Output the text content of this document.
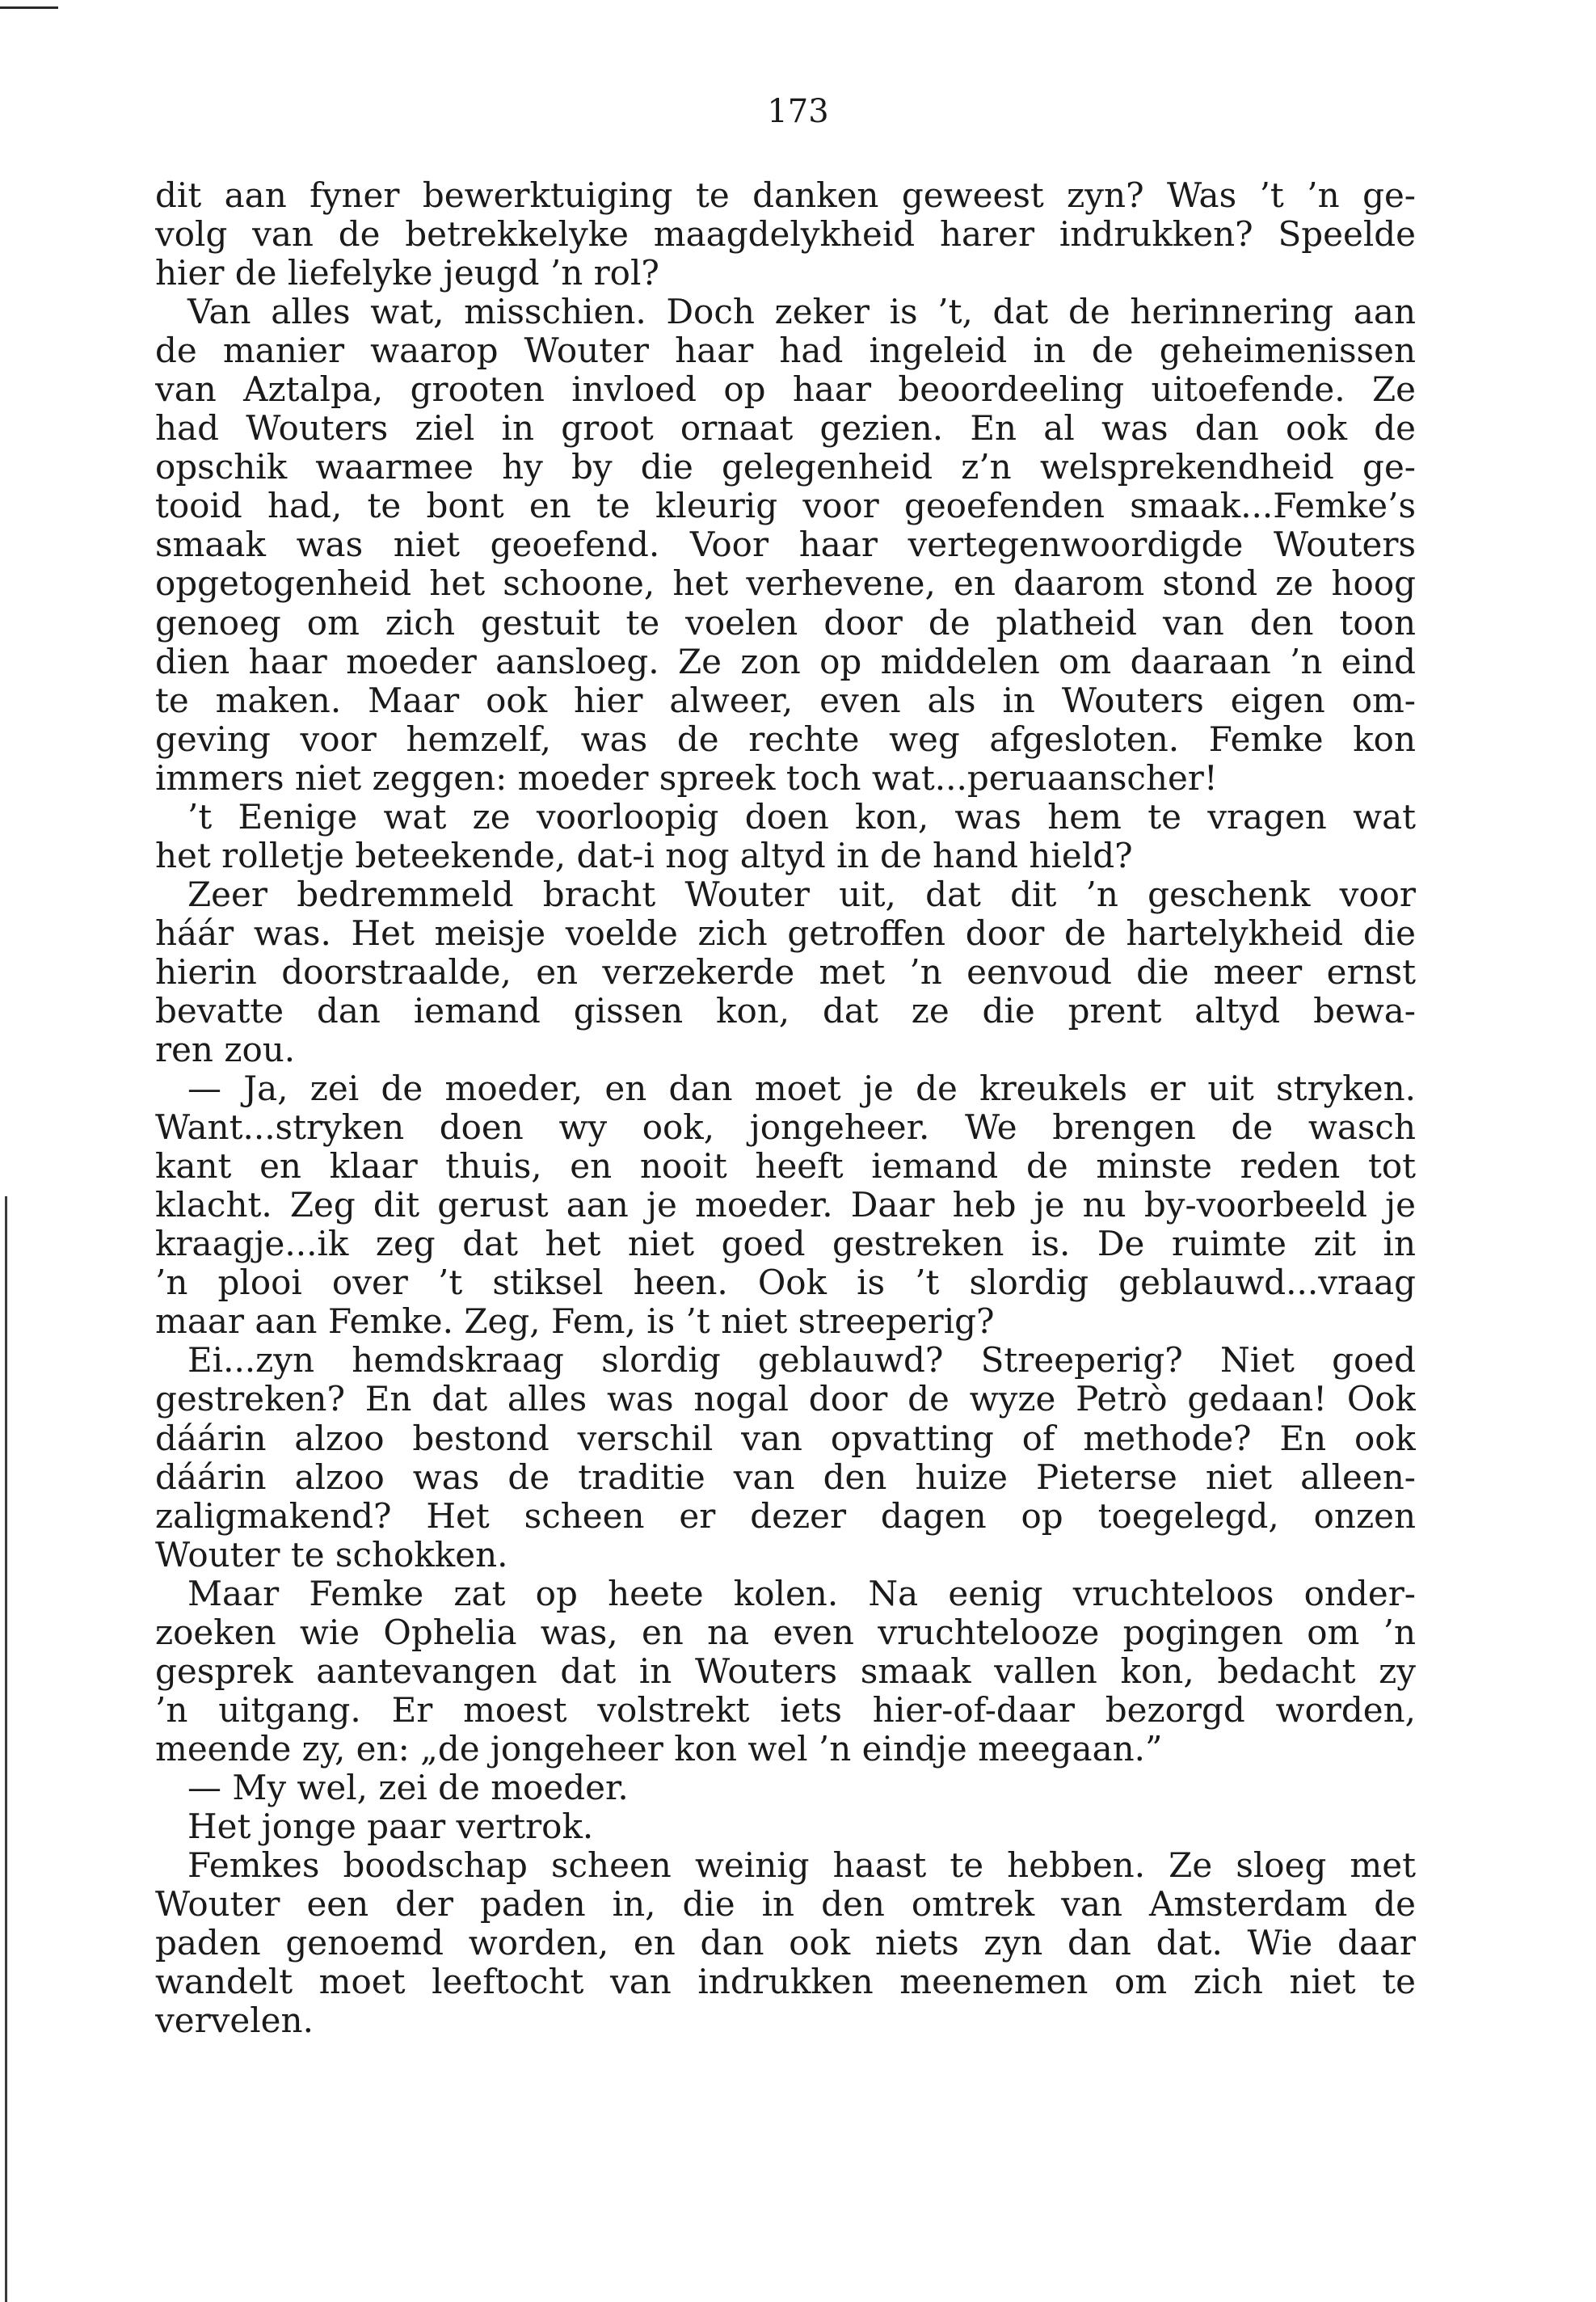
173
dit aan fyner bewerktuiging te danken geweest zyn? Was ’t ’n ge-
volg van de betrekkelyke maagdelykheid harer indrukken? Speelde
hier de liefelyke jeugd ’n rol?
Van alles wat, misschien. Doch zeker is ’t, dat de herinnering aan
de manier waarop Wouter haar had ingeleid in de geheimenissen
van Aztalpa, grooten invloed op haar beoordeeling uitoefende. Ze
had Wouters ziel in groot ornaat gezien. En al was dan ook de
opschik waarmee hy by die gelegenheid z’n welsprekendheid ge-
tooid had, te bont en te kleurig voor geoefenden smaak...Femke’s
smaak was niet geoefend. Voor haar vertegenwoordigde Wouters
opgetogenheid het schoone, het verhevene, en daarom stond ze hoog
genoeg om zich gestuit te voelen door de platheid van den toon
dien haar moeder aansloeg. Ze zon op middelen om daaraan ’n eind
te maken. Maar ook hier alweer, even als in Wouters eigen om-
geving voor hemzelf, was de rechte weg afgesloten. Femke kon
immers niet zeggen: moeder spreek toch wat...peruaanscher!
’t Eenige wat ze voorloopig doen kon, was hem te vragen wat
het rolletje beteekende, dat-i nog altyd in de hand hield?
Zeer bedremmeld bracht Wouter uit, dat dit ’n geschenk voor
háár was. Het meisje voelde zich getroffen door de hartelykheid die
hierin doorstraalde, en verzekerde met ’n eenvoud die meer ernst
bevatte dan iemand gissen kon, dat ze die prent altyd bewa-
ren zou.
— Ja, zei de moeder, en dan moet je de kreukels er uit stryken.
Want...stryken doen wy ook, jongeheer. We brengen de wasch
kant en klaar thuis, en nooit heeft iemand de minste reden tot
klacht. Zeg dit gerust aan je moeder. Daar heb je nu by-voorbeeld je
kraagje...ik zeg dat het niet goed gestreken is. De ruimte zit in
’n plooi over ’t stiksel heen. Ook is ’t slordig geblauwd...vraag
maar aan Femke. Zeg, Fem, is ’t niet streeperig?
Ei...zyn hemdskraag slordig geblauwd? Streeperig? Niet goed
gestreken? En dat alles was nogal door de wyze Petrò gedaan! Ook
dáárin alzoo bestond verschil van opvatting of methode? En ook
dáárin alzoo was de traditie van den huize Pieterse niet alleen-
zaligmakend? Het scheen er dezer dagen op toegelegd, onzen
Wouter te schokken.
Maar Femke zat op heete kolen. Na eenig vruchteloos onder-
zoeken wie Ophelia was, en na even vruchtelooze pogingen om ’n
gesprek aantevangen dat in Wouters smaak vallen kon, bedacht zy
’n uitgang. Er moest volstrekt iets hier-of-daar bezorgd worden,
meende zy, en: „de jongeheer kon wel ’n eindje meegaan.”
— My wel, zei de moeder.
Het jonge paar vertrok.
Femkes boodschap scheen weinig haast te hebben. Ze sloeg met
Wouter een der paden in, die in den omtrek van Amsterdam de
paden genoemd worden, en dan ook niets zyn dan dat. Wie daar
wandelt moet leeftocht van indrukken meenemen om zich niet te
vervelen.
